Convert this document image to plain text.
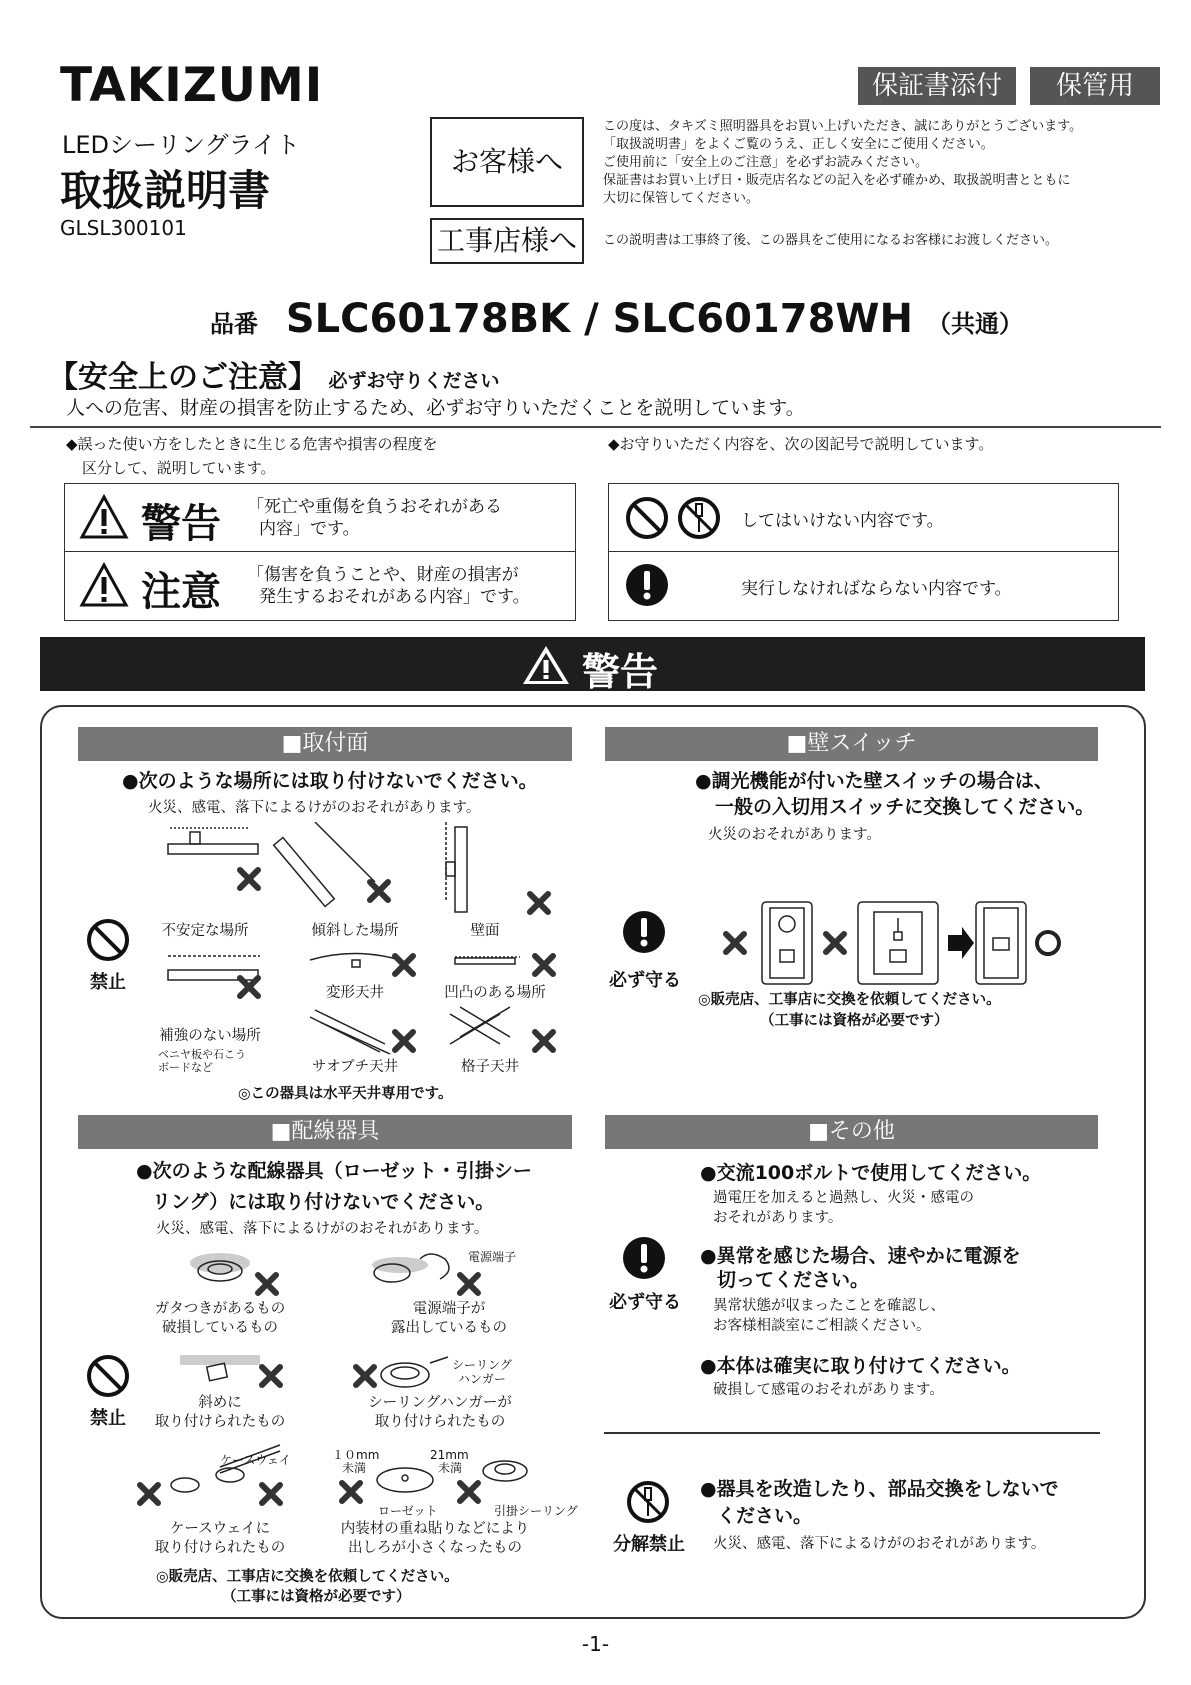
TAKIZUMI
LEDシーリングライト
取扱説明書
GLSL300101
保証書添付	保管用
お客様へ
この度は、タキズミ照明器具をお買い上げいただき、誠にありがとうございます。
「取扱説明書」をよくご覧のうえ、正しく安全にご使用ください。
ご使用前に「安全上のご注意」を必ずお読みください。
保証書はお買い上げ日・販売店名などの記入を必ず確かめ、取扱説明書とともに
大切に保管してください。
工事店様へ	この説明書は工事終了後、この器具をご使用になるお客様にお渡しください。
品番 SLC60178BK / SLC60178WH （共通）
【安全上のご注意】 必ずお守りください
人への危害、財産の損害を防止するため、必ずお守りいただくことを説明しています。
◆誤った使い方をしたときに生じる危害や損害の程度を
区分して、説明しています。
◆お守りいただく内容を、次の図記号で説明しています。
警告 「死亡や重傷を負うおそれがある
内容」です。
注意 「傷害を負うことや、財産の損害が
発生するおそれがある内容」です。
してはいけない内容です。
実行しなければならない内容です。
警告
■取付面
●次のような場所には取り付けないでください。
火災、感電、落下によるけがのおそれがあります。
不安定な場所	傾斜した場所	壁面
変形天井	凹凸のある場所
補強のない場所
ベニヤ板や石こう
ボードなど	サオブチ天井	格子天井
禁止
◎この器具は水平天井専用です。
■壁スイッチ
●調光機能が付いた壁スイッチの場合は、
一般の入切用スイッチに交換してください。
火災のおそれがあります。
必ず守る
◎販売店、工事店に交換を依頼してください。
（工事には資格が必要です）
■配線器具
●次のような配線器具（ローゼット・引掛シー
リング）には取り付けないでください。
火災、感電、落下によるけがのおそれがあります。
電源端子
ガタつきがあるもの
破損しているもの
電源端子が
露出しているもの
シーリング
ハンガー
斜めに
取り付けられたもの
シーリングハンガーが
取り付けられたもの
ケースウェイ	１０mm
未満
21mm
未満
ローゼット	引掛シーリング
ケースウェイに
取り付けられたもの
内装材の重ね貼りなどにより
出しろが小さくなったもの
禁止
◎販売店、工事店に交換を依頼してください。
（工事には資格が必要です）
■その他
●交流100ボルトで使用してください。
過電圧を加えると過熱し、火災・感電の
おそれがあります。
必ず守る
●異常を感じた場合、速やかに電源を
切ってください。
異常状態が収まったことを確認し、
お客様相談室にご相談ください。
●本体は確実に取り付けてください。
破損して感電のおそれがあります。
分解禁止
●器具を改造したり、部品交換をしないで
ください。
火災、感電、落下によるけがのおそれがあります。
-1-
